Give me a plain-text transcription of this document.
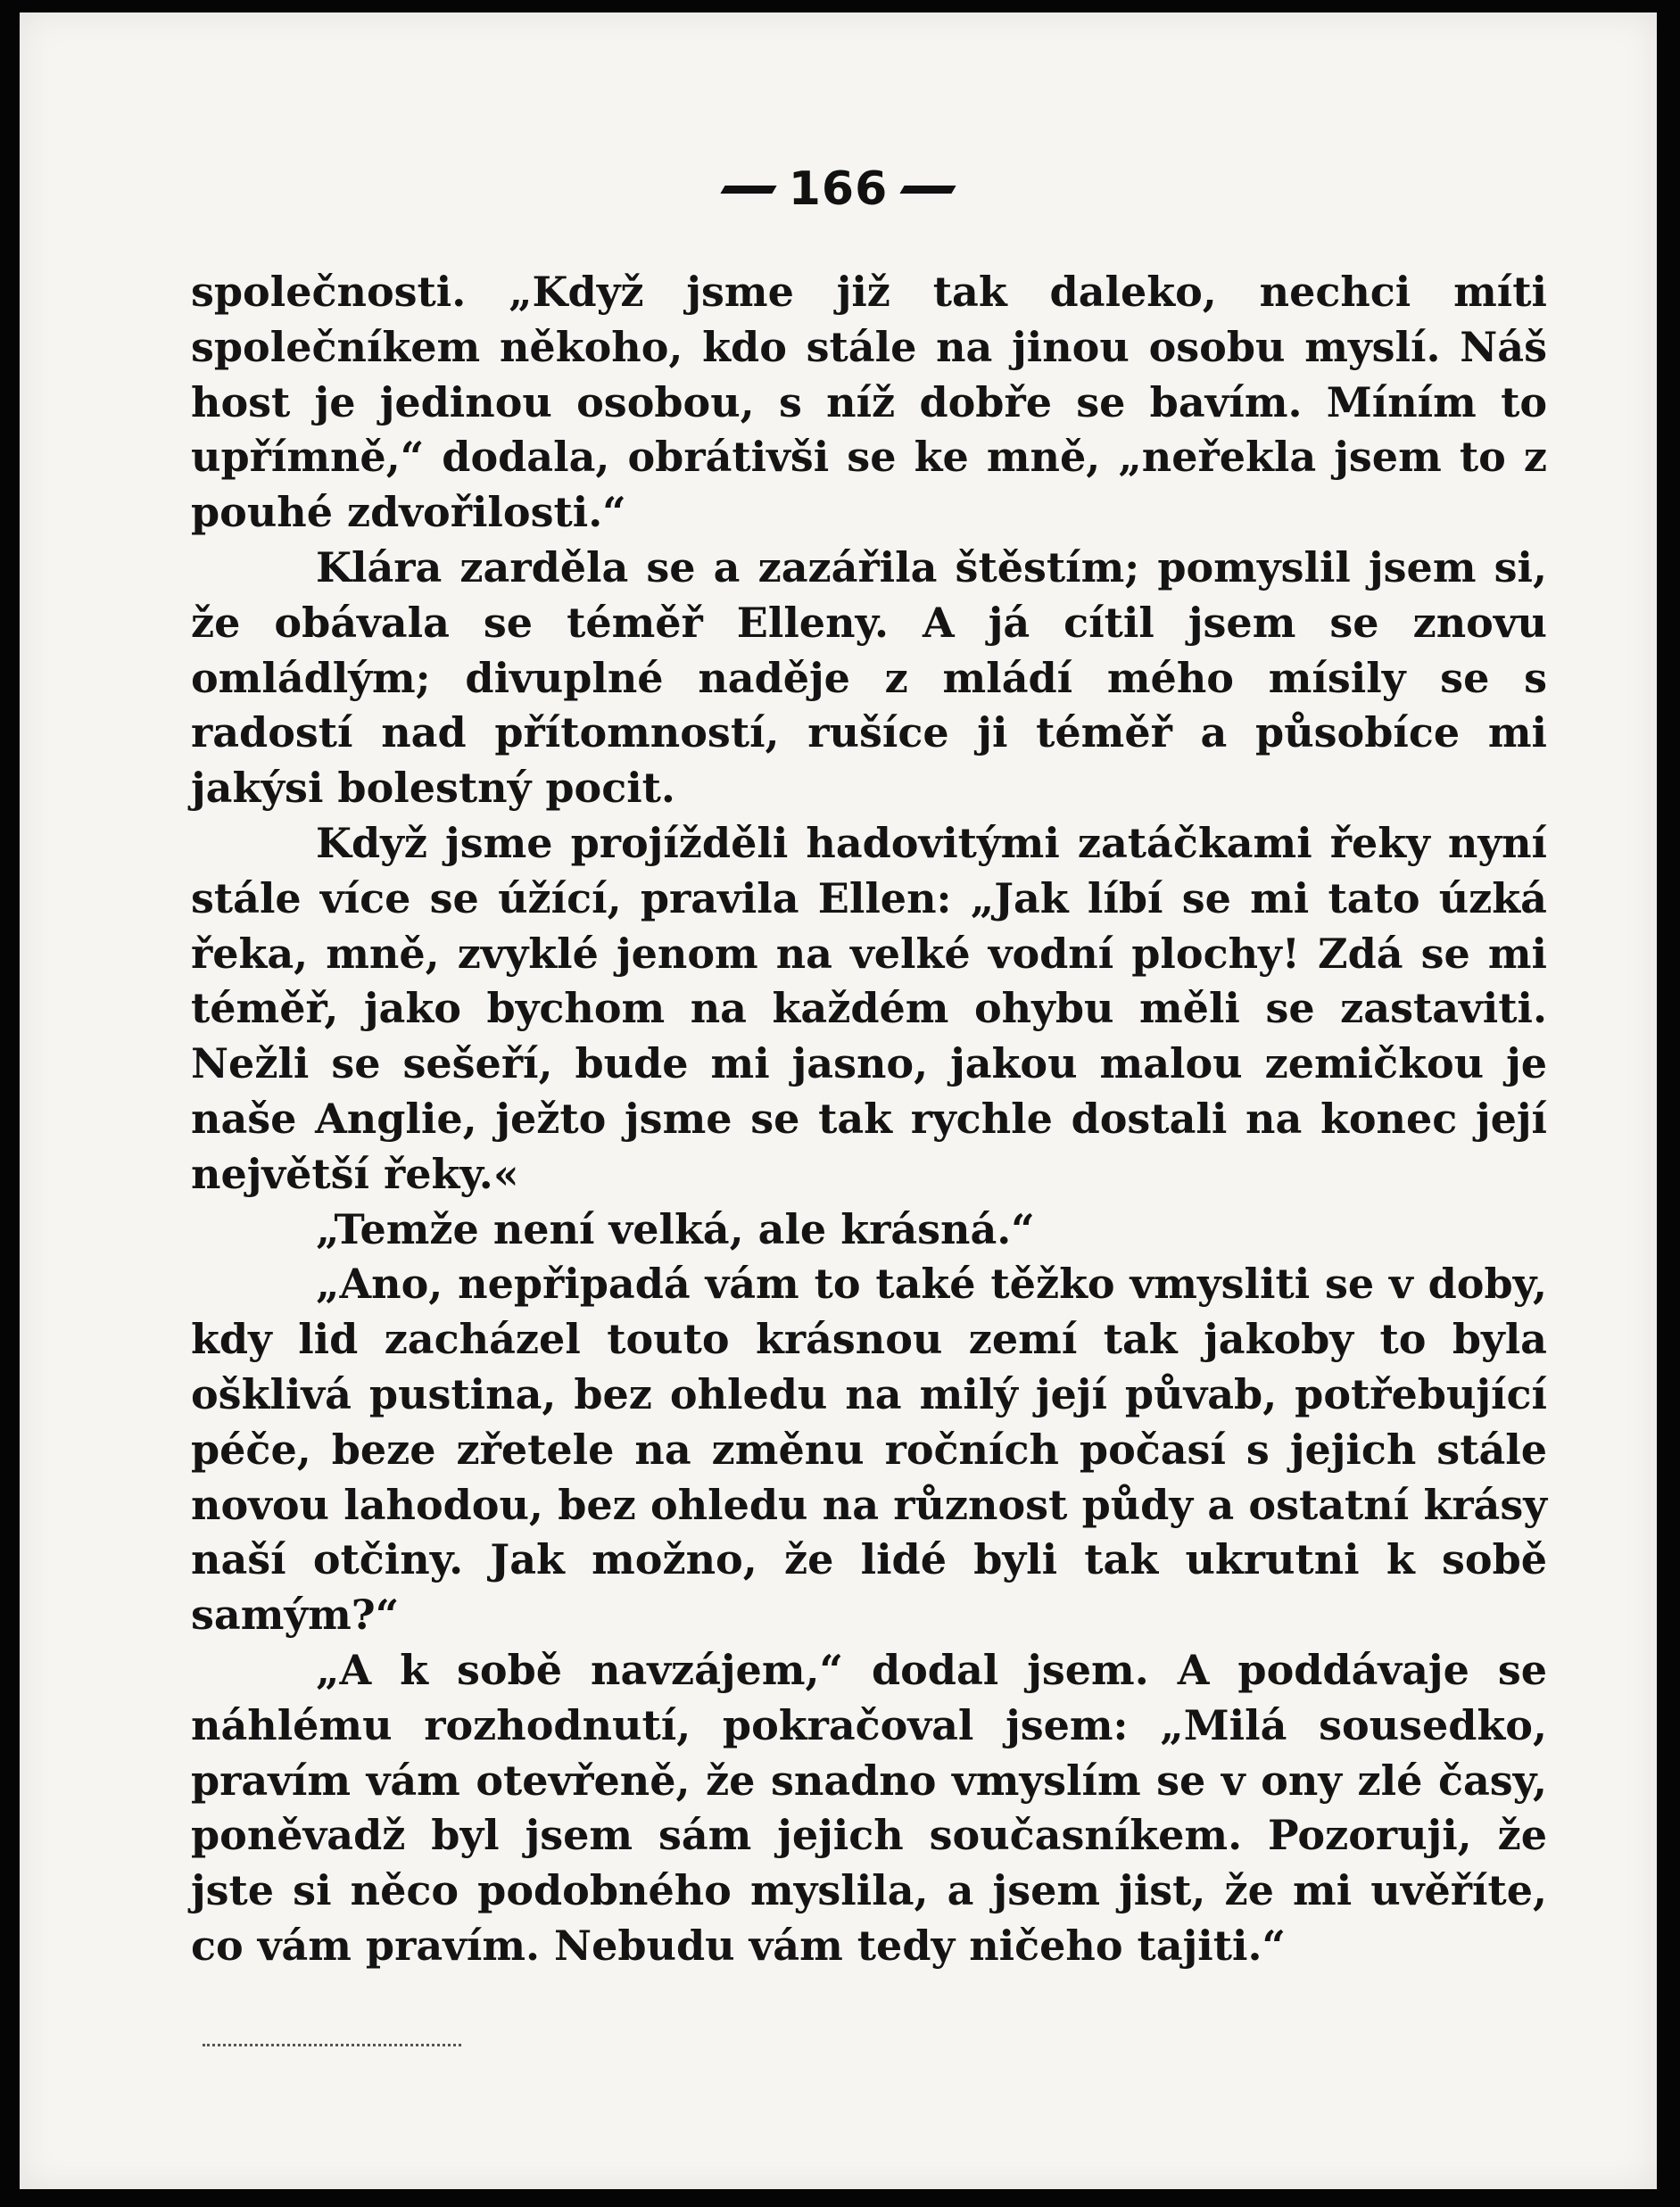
166

společnosti. „Když jsme již tak daleko, nechci míti společníkem někoho, kdo stále na jinou osobu myslí. Náš host je jedinou osobou, s níž dobře se bavím. Míním to upřímně,“ dodala, obrátivši se ke mně, „neřekla jsem to z pouhé zdvořilosti.“

Klára zarděla se a zazářila štěstím; pomyslil jsem si, že obávala se téměř Elleny. A já cítil jsem se znovu omládlým; divuplné naděje z mládí mého mísily se s radostí nad přítomností, rušíce ji téměř a působíce mi jakýsi bolestný pocit.

Když jsme projížděli hadovitými zatáčkami řeky nyní stále více se úžící, pravila Ellen: „Jak líbí se mi tato úzká řeka, mně, zvyklé jenom na velké vodní plochy! Zdá se mi téměř, jako bychom na každém ohybu měli se zastaviti. Nežli se sešeří, bude mi jasno, jakou malou zemičkou je naše Anglie, ježto jsme se tak rychle dostali na konec její největší řeky.«

„Temže není velká, ale krásná.“

„Ano, nepřipadá vám to také těžko vmysliti se v doby, kdy lid zacházel touto krásnou zemí tak jakoby to byla ošklivá pustina, bez ohledu na milý její půvab, potřebující péče, beze zřetele na změnu ročních počasí s jejich stále novou lahodou, bez ohledu na různost půdy a ostatní krásy naší otčiny. Jak možno, že lidé byli tak ukrutni k sobě samým?“

„A k sobě navzájem,“ dodal jsem. A poddávaje se náhlému rozhodnutí, pokračoval jsem: „Milá sousedko, pravím vám otevřeně, že snadno vmyslím se v ony zlé časy, poněvadž byl jsem sám jejich současníkem. Pozoruji, že jste si něco podobného myslila, a jsem jist, že mi uvěříte, co vám pravím. Nebudu vám tedy ničeho tajiti.“
